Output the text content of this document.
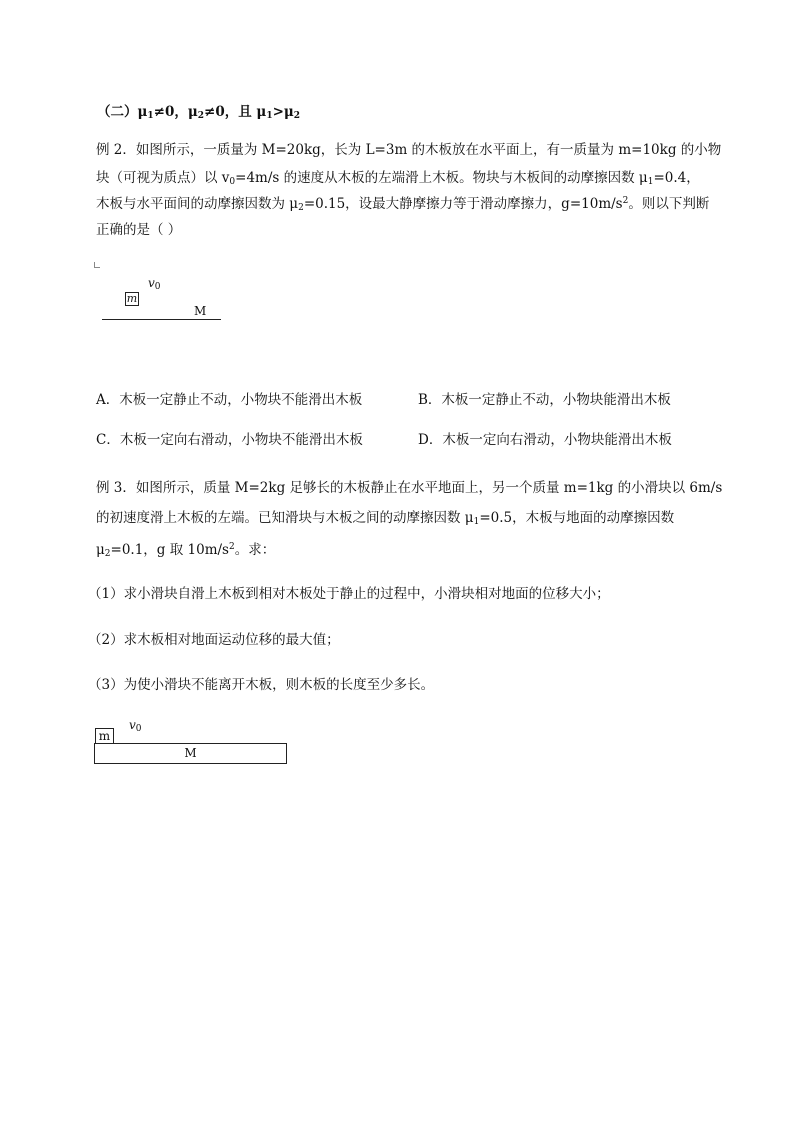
（二）$\mu_1\ne 0$，$\mu_2\ne 0$，且 $\mu_1>\mu_2$
例 2．如图所示，一质量为 M=20kg，长为 L=3m 的木板放在水平面上，有一质量为 m=10kg 的小物
块（可视为质点）以 $v_0=4m/s$ 的速度从木板的左端滑上木板。物块与木板间的动摩擦因数 $\mu_1=0.4$，
木板与水平面间的动摩擦因数为 $\mu_2=0.15$，设最大静摩擦力等于滑动摩擦力，$g=10m/s^2$。则以下判断
正确的是（ ）
$v_0$
m
M
A．木板一定静止不动，小物块不能滑出木板	B．木板一定静止不动，小物块能滑出木板
C．木板一定向右滑动，小物块不能滑出木板	D．木板一定向右滑动，小物块能滑出木板
例 3．如图所示，质量 M=2kg 足够长的木板静止在水平地面上，另一个质量 m=1kg 的小滑块以 6m/s
的初速度滑上木板的左端。已知滑块与木板之间的动摩擦因数 $\mu_1=0.5$，木板与地面的动摩擦因数
$\mu_2=0.1$，g 取 $10m/s^2$。求：
（1）求小滑块自滑上木板到相对木板处于静止的过程中，小滑块相对地面的位移大小；
（2）求木板相对地面运动位移的最大值；
（3）为使小滑块不能离开木板，则木板的长度至少多长。
$v_0$
m
M
